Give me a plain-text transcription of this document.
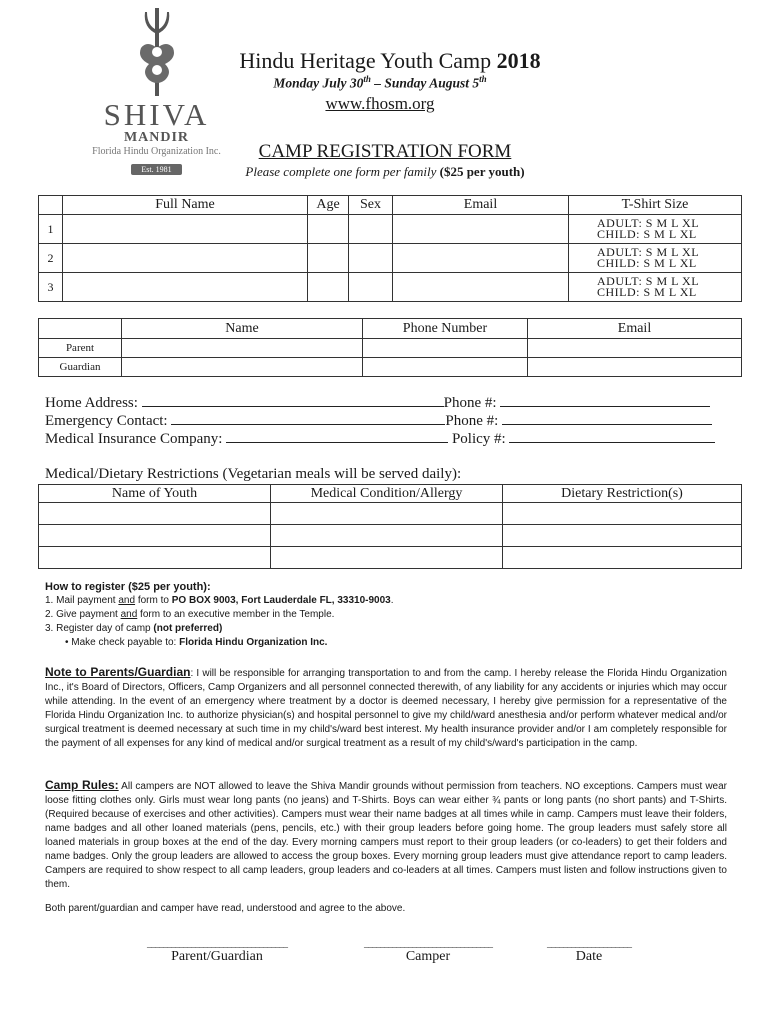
SHIVA
MANDIR
Florida Hindu Organization Inc.
Est. 1981
Hindu Heritage Youth Camp 2018
Monday July 30th – Sunday August 5th
www.fhosm.org
CAMP REGISTRATION FORM
Please complete one form per family ($25 per youth)
	Full Name	Age	Sex	Email	T-Shirt Size
1					ADULT: S M L XL
CHILD: S M L XL

2					ADULT: S M L XL
CHILD: S M L XL

3					ADULT: S M L XL
CHILD: S M L XL
	Name	Phone Number	Email
Parent			
Guardian			
Home Address:	Phone #:
Emergency Contact:	Phone #:
Medical Insurance Company:	Policy #:
Medical/Dietary Restrictions (Vegetarian meals will be served daily):
Name of Youth	Medical Condition/Allergy	Dietary Restriction(s)

How to register ($25 per youth):
1. Mail payment and form to PO BOX 9003, Fort Lauderdale FL, 33310-9003.
2. Give payment and form to an executive member in the Temple.
3. Register day of camp (not preferred)
• Make check payable to: Florida Hindu Organization Inc.
Note to Parents/Guardian: I will be responsible for arranging transportation to and from the camp. I hereby release the Florida Hindu Organization Inc., it's Board of Directors, Officers, Camp Organizers and all personnel connected therewith, of any liability for any accidents or injuries which may occur while attending. In the event of an emergency where treatment by a doctor is deemed necessary, I hereby give permission for a representative of the Florida Hindu Organization Inc. to authorize physician(s) and hospital personnel to give my child/ward anesthesia and/or perform whatever medical and/or surgical treatment is deemed necessary at such time in my child's/ward best interest. My health insurance provider and/or I am completely responsible for the payment of all expenses for any kind of medical and/or surgical treatment as a result of my child's/ward's participation in the camp.
Camp Rules: All campers are NOT allowed to leave the Shiva Mandir grounds without permission from teachers. NO exceptions. Campers must wear loose fitting clothes only. Girls must wear long pants (no jeans) and T-Shirts. Boys can wear either ¾ pants or long pants (no short pants) and T-Shirts. (Required because of exercises and other activities). Campers must wear their name badges at all times while in camp. Campers must leave their folders, name badges and all other loaned materials (pens, pencils, etc.) with their group leaders before going home. The group leaders must safely store all loaned materials in group boxes at the end of the day. Every morning campers must report to their group leaders (or co-leaders) to get their folders and name badges. Only the group leaders are allowed to access the group boxes. Every morning group leaders must give attendance report to camp leaders. Campers are required to show respect to all camp leaders, group leaders and co-leaders at all times. Campers must listen and follow instructions given to them.
Both parent/guardian and camper have read, understood and agree to the above.
___________________________________
Parent/Guardian
________________________________
Camper
_____________________
Date
